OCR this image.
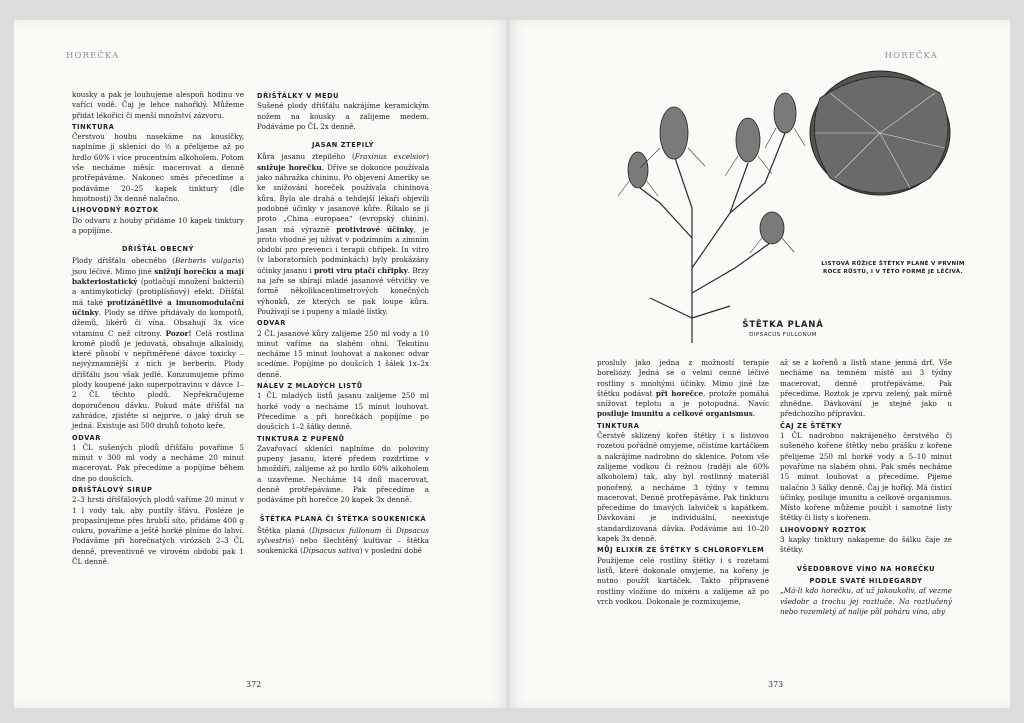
HOREČKA

kousky a pak je louhujeme alespoň hodinu ve vařící vodě. Čaj je lehce nahořklý. Můžeme přidat lékořici či menší množství zázvoru.

TINKTURA

Čerstvou houbu nasekáme na kousíčky, naplníme jí skleníci do ⅔ a přelijeme až po hrdlo 60% i více procentním alkoholem. Potom vše necháme měsíc macerovat a denně protřepáváme. Nakonec směs přecedíme a podáváme 20–25 kapek tinktury (dle hmotnosti) 3x denně nalačno.

LIHOVODNÝ ROZTOK

Do odvaru z houby přidáme 10 kapek tinktury a popíjíme.

DŘIŠŤÁL OBECNÝ

Plody dřišťálu obecného (Berberis vulgaris) jsou léčivé. Mimo jiné snižují horečku a mají bakteriostatický (potlačují množení bakterií) a antimykotický (protiplísňový) efekt. Dřišťál má také protizánětlivé a imunomodulační účinky. Plody se dříve přidávaly do kompotů, džemů, likérů či vína. Obsahují 3x více vitamínu C než citrony. Pozor! Celá rostlina kromě plodů je jedovatá, obsahuje alkaloidy, které působí v nepřiměřené dávce toxicky – nejvýznamnější z nich je berberin. Plody dřišťálu jsou však jedlé. Konzumujeme přímo plody koupené jako superpotravinu v dávce 1–2 ČL těchto plodů. Nepřekračujeme doporučenou dávku. Pokud máte dřišťál na zahrádce, zjistěte si nejprve, o jaký druh se jedná. Existuje asi 500 druhů tohoto keře.

ODVAR

1 ČL sušených plodů dřišťálu povaříme 5 minut v 300 ml vody a necháme 20 minut macerovat. Pak přecedíme a popíjíme během dne po doušcích.

DŘIŠŤÁLOVÝ SIRUP

2–3 hrsti dřišťálových plodů vaříme 20 minut v 1 l vody tak, aby pustily šťávu. Posléze je propasírujeme přes hrubší síto, přidáme 400 g cukru, povaříme a ještě horké plníme do lahví. Podáváme při horečnatých virózách 2–3 ČL denně, preventivně ve virovém období pak 1 ČL denně.

DŘIŠŤÁLKY V MEDU

Sušené plody dřišťálu nakrájíme keramickým nožem na kousky a zalijeme medem. Podáváme po ČL 2x denně.

JASAN ZTEPILÝ

Kůra jasanu ztepilého (Fraxinus excelsior) snižuje horečku. Dříve se dokonce používala jako náhražka chininu. Po objevení Ameriky se ke snižování horeček používala chininová kůra. Byla ale drahá a tehdejší lékaři objevili podobné účinky v jasanové kůře. Říkalo se jí proto „China europaea“ (evropský chinin). Jasan má výrazné protivirové účinky, je proto vhodné jej užívat v podzimním a zimním období pro prevenci i terapii chřipek. In vitro (v laboratorních podmínkách) byly prokázány účinky jasanu i proti viru ptačí chřipky. Brzy na jaře se sbírají mladé jasanové větvičky ve formě několikacentimetrových konečných výhonků, ze kterých se pak loupe kůra. Používají se i pupeny a mladé lístky.

ODVAR

2 ČL jasanové kůry zalijeme 250 ml vody a 10 minut vaříme na slabém ohni. Tekutinu necháme 15 minut louhovat a nakonec odvar scedíme. Popíjíme po doušcích 1 šálek 1x–2x denně.

NÁLEV Z MLADÝCH LISTŮ

1 ČL mladých listů jasanu zalijeme 250 ml horké vody a necháme 15 minut louhovat. Přecedíme a při horečkách popíjíme po doušcích 1–2 šálky denně.

TINKTURA Z PUPENŮ

Zavařovací skleníci naplníme do poloviny pupeny jasanu, které předem rozdrtíme v hmoždíři, zalijeme až po hrdlo 60% alkoholem a uzavřeme. Necháme 14 dnů macerovat, denně protřepáváme. Pak přecedíme a podáváme při horečce 20 kapek 3x denně.

ŠTĚTKA PLANÁ ČI ŠTĚTKA SOUKENICKÁ

Štětka planá (Dipsacus fullonum či Dipsacus sylvestris) nebo šlechtěný kultivar – štětka soukenická (Dipsacus sativa) v poslední době

372
HOREČKA
LISTOVÁ RŮŽICE ŠTĚTKY PLANÉ V PRVNÍM ROCE RŮSTU, I V TÉTO FORMĚ JE LÉČIVÁ.
ŠTĚTKA PLANÁ
DIPSACUS FULLONUM

prosluly jako jedna z možností terapie boreliózy. Jedná se o velmi cenné léčivé rostliny s mnohými účinky. Mimo jiné lze štětku podávat při horečce, protože pomáhá snížovat teplotu a je potopudná. Navíc posiluje imunitu a celkové organismus.

TINKTURA

Čerstvě sklizený kořen štětky i s listovou rozetou pořádně omyjeme, očistíme kartáčkem a nakrájíme nadrobno do sklenice. Potom vše zalijeme vodkou či režnou (raději ale 60% alkoholem) tak, aby byl rostlinný materiál ponořený, a necháme 3 týdny v temnu macerovat. Denně protřepáváme. Pak tinkturu přecedíme do tmavých lahviček s kapátkem. Dávkování je individuální, neexistuje standardizovaná dávka. Podáváme asi 10–20 kapek 3x denně.

MŮJ ELIXÍR ZE ŠTĚTKY S CHLOROFYLEM

Použijeme celé rostliny štětky i s rozetami listů, které dokonale omyjeme, na kořeny je nutno použít kartáček. Takto připravené rostliny vložíme do mixéru a zalijeme až po vrch vodkou. Dokonale je rozmixujeme,

až se z kořenů a listů stane jemná drť. Vše necháme na temném místě asi 3 týdny macerovat, denně protřepáváme. Pak přecedíme. Roztok je zprvu zelený, pak mírně zhnědne. Dávkování je stejné jako u předchozího přípravku.

ČAJ ZE ŠTĚTKY

1 ČL nadrobno nakrájeného čerstvého či sušeného kořene štětky nebo prášku z kořene přelijeme 250 ml horké vody a 5–10 minut povaříme na slabém ohni. Pak směs necháme 15 minut louhovat a přecedíme. Pijeme nalačno 3 šálky denně. Čaj je hořký. Má čisticí účinky, posiluje imunitu a celkově organismus. Místo kořene můžeme použít i samotné listy štětky či listy s kořenem.

LIHOVODNÝ ROZTOK

3 kapky tinktury nakapeme do šálku čaje ze štětky.

VŠEDOBROVÉ VÍNO NA HOREČKU
PODLE SVATÉ HILDEGARDY

„Má-li kdo horečku, ať už jakoukoliv, ať vezme všedobr a trochu jej roztluče. Na roztlučený nebo rozemletý ať nalije půl poháru vína, aby

373
